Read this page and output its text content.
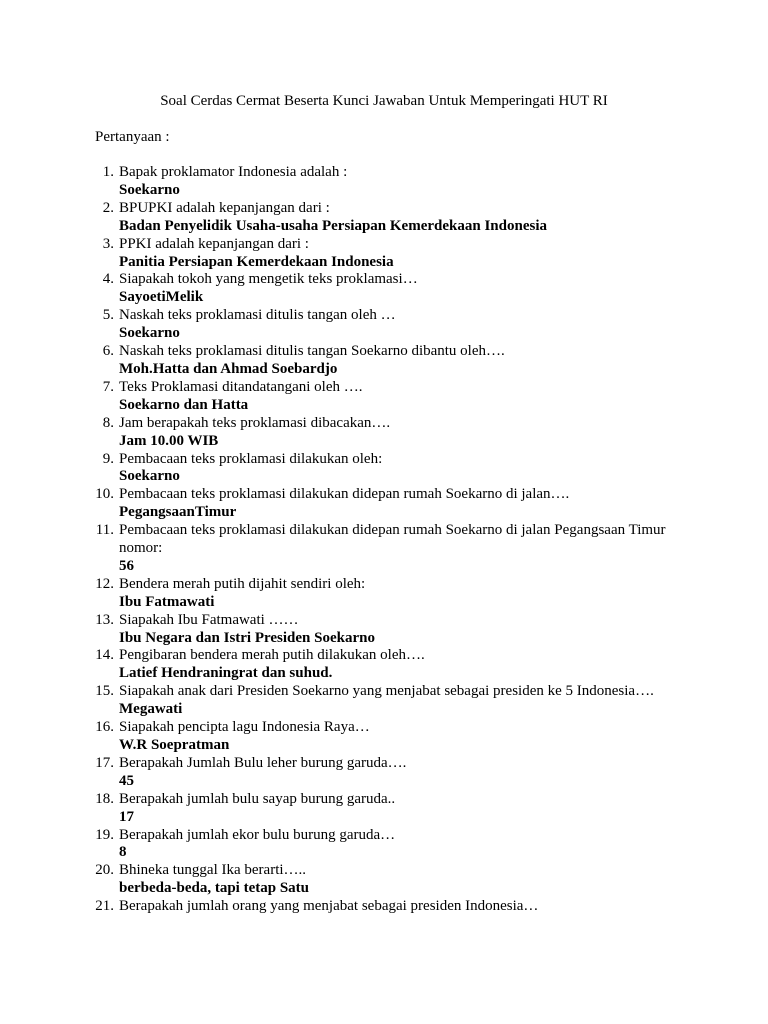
Soal Cerdas Cermat Beserta Kunci Jawaban Untuk Memperingati HUT RI
Pertanyaan :
1. Bapak proklamator Indonesia adalah :
Soekarno
2. BPUPKI adalah kepanjangan dari :
Badan Penyelidik Usaha-usaha Persiapan Kemerdekaan Indonesia
3. PPKI adalah kepanjangan dari :
Panitia Persiapan Kemerdekaan Indonesia
4. Siapakah tokoh yang mengetik teks proklamasi…
SayoetiMelik
5. Naskah teks proklamasi ditulis tangan oleh …
Soekarno
6. Naskah teks proklamasi ditulis tangan Soekarno dibantu oleh….
Moh.Hatta dan Ahmad Soebardjo
7. Teks Proklamasi ditandatangani oleh ….
Soekarno dan Hatta
8. Jam berapakah teks proklamasi dibacakan….
Jam 10.00 WIB
9. Pembacaan teks proklamasi dilakukan oleh:
Soekarno
10. Pembacaan teks proklamasi dilakukan didepan rumah Soekarno di jalan….
PegangsaanTimur
11. Pembacaan teks proklamasi dilakukan didepan rumah Soekarno di jalan Pegangsaan Timur nomor:
56
12. Bendera merah putih dijahit sendiri oleh:
Ibu Fatmawati
13. Siapakah Ibu Fatmawati ……
Ibu Negara dan Istri Presiden Soekarno
14. Pengibaran bendera merah putih dilakukan oleh….
Latief Hendraningrat dan suhud.
15. Siapakah anak dari Presiden Soekarno yang menjabat sebagai presiden ke 5 Indonesia….
Megawati
16. Siapakah pencipta lagu Indonesia Raya…
W.R Soepratman
17. Berapakah Jumlah Bulu leher burung garuda….
45
18. Berapakah jumlah bulu sayap burung garuda..
17
19. Berapakah jumlah ekor bulu burung garuda…
8
20. Bhineka tunggal Ika berarti…..
berbeda-beda, tapi tetap Satu
21. Berapakah jumlah orang yang menjabat sebagai presiden Indonesia…
